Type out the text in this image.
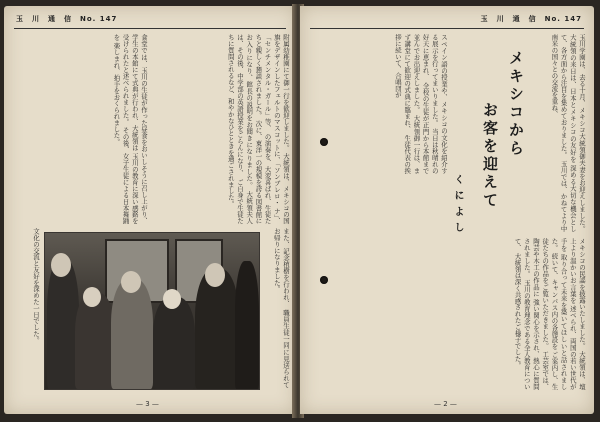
玉　川　通　信　No. 147
附属幼稚園にて御一行を歓迎しました。 大統領は、メキシコの国旗をデザインしたフェルトのマスコットに、「ソンブレロ・ ナ」、「センチメンタル・ガール」等、 の演奏を、大変喜ばれ、生徒たちと親しく懇談されました。 次に、東洋一の規模を誇る図書館にお入りになり、館長の説明をお聞きになりました。 大統領夫人は、その後、中学部の英語授業をごらんになり、 ご自身で生徒たちに質問されるなど、和やかなひとときを過ごされました。
食堂では、玉川の生徒が作った昼食をおいしそうに召し上がり、 学生の本館にて式典が行われ、大統領は 玉川の教育に深い感銘を受けられたと述べられました。 その後、女子生徒による日本舞踊を 楽しまれ、拍手をおくられました。
また、記念植樹を行われ、 職員生徒一同に見送られて お帰りになりました。
文化の交流と友好を深めた一日でした。
— 3 —
玉　川　通　信　No. 147
メキシコから
お客を迎えて
くによし	玉川学園は、去る十月、メキシコ大統領御夫妻をお迎えしました。 大統領の来日は、日本とメキシコの友好を 深める大切な機会として、各方面から注目を集めておりました。 玉川では、かねてより中南米の国々との交流を重ね、
スペイン語の授業や、メキシコの文化を紹介する展示を行ってまいりました。 当日は秋晴れの好天に恵まれ、 全校の生徒が正門から本館まで並んでお出迎えしました。 大統領御一行は、まず講堂にて歓迎の式典に臨まれ、 生徒代表の挨拶に続いて、合唱団が
メキシコの民謡を披露いたしました。 大統領は、壇上より温かいお言葉を 述べられ、両国の若い世代が手を 取り合って未来を築いてほしいと話されました。 続いて、キャンパス内の各施設を ご案内し、生徒たちの作品をご覧いただきました。 工芸室では、陶芸や木工の作品に 強い関心を示され、熱心に質問されました。 玉川の教育理念である全人教育について、 大統領は深く共感されたご様子でした。
— 2 —
